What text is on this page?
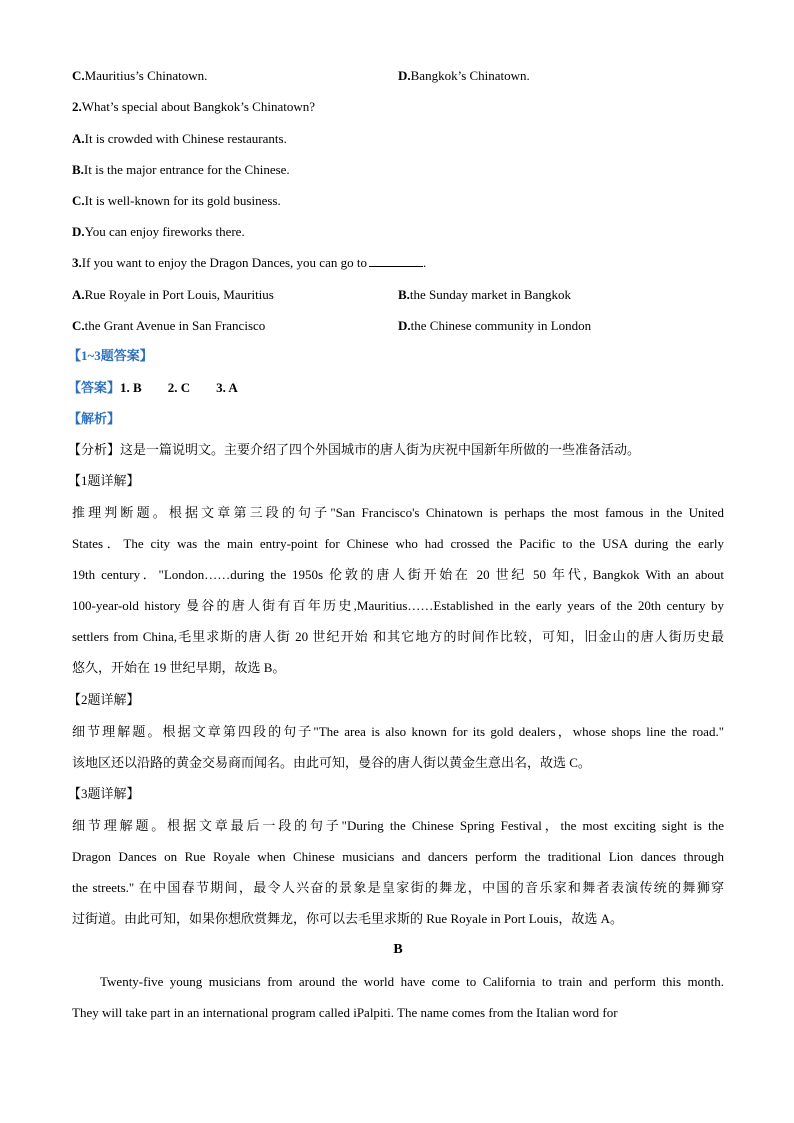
C.Mauritius’s Chinatown.	D.Bangkok’s Chinatown.
2.What’s special about Bangkok’s Chinatown?
A.It is crowded with Chinese restaurants.
B.It is the major entrance for the Chinese.
C.It is well-known for its gold business.
D.You can enjoy fireworks there.
3.If you want to enjoy the Dragon Dances, you can go to	.
A.Rue Royale in Port Louis, Mauritius	B.the Sunday market in Bangkok
C.the Grant Avenue in San Francisco	D.the Chinese community in London
【1~3题答案】
【答案】1. B 2. C 3. A
【解析】
【分析】这是一篇说明文。主要介绍了四个外国城市的唐人街为庆祝中国新年所做的一些准备活动。
【1题详解】
推理判断题。根据文章第三段的句子"San Francisco's Chinatown is perhaps the most famous in the United
States．The city was the main entry-point for Chinese who had crossed the Pacific to the USA during the early
19th century．"London……during the 1950s 伦敦的唐人街开始在 20 世纪 50 年代, Bangkok With an about
100-year-old history 曼谷的唐人街有百年历史,Mauritius……Established in the early years of the 20th century by
settlers from China,毛里求斯的唐人街 20 世纪开始 和其它地方的时间作比较，可知，旧金山的唐人街历史最
悠久，开始在 19 世纪早期，故选 B。
【2题详解】
细节理解题。根据文章第四段的句子"The area is also known for its gold dealers，whose shops line the road."
该地区还以沿路的黄金交易商而闻名。由此可知，曼谷的唐人街以黄金生意出名，故选 C。
【3题详解】
细节理解题。根据文章最后一段的句子"During the Chinese Spring Festival，the most exciting sight is the
Dragon Dances on Rue Royale when Chinese musicians and dancers perform the traditional Lion dances through
the streets." 在中国春节期间，最令人兴奋的景象是皇家街的舞龙，中国的音乐家和舞者表演传统的舞狮穿
过街道。由此可知，如果你想欣赏舞龙，你可以去毛里求斯的 Rue Royale in Port Louis，故选 A。
B
Twenty-five young musicians from around the world have come to California to train and perform this month.
They will take part in an international program called iPalpiti. The name comes from the Italian word for
